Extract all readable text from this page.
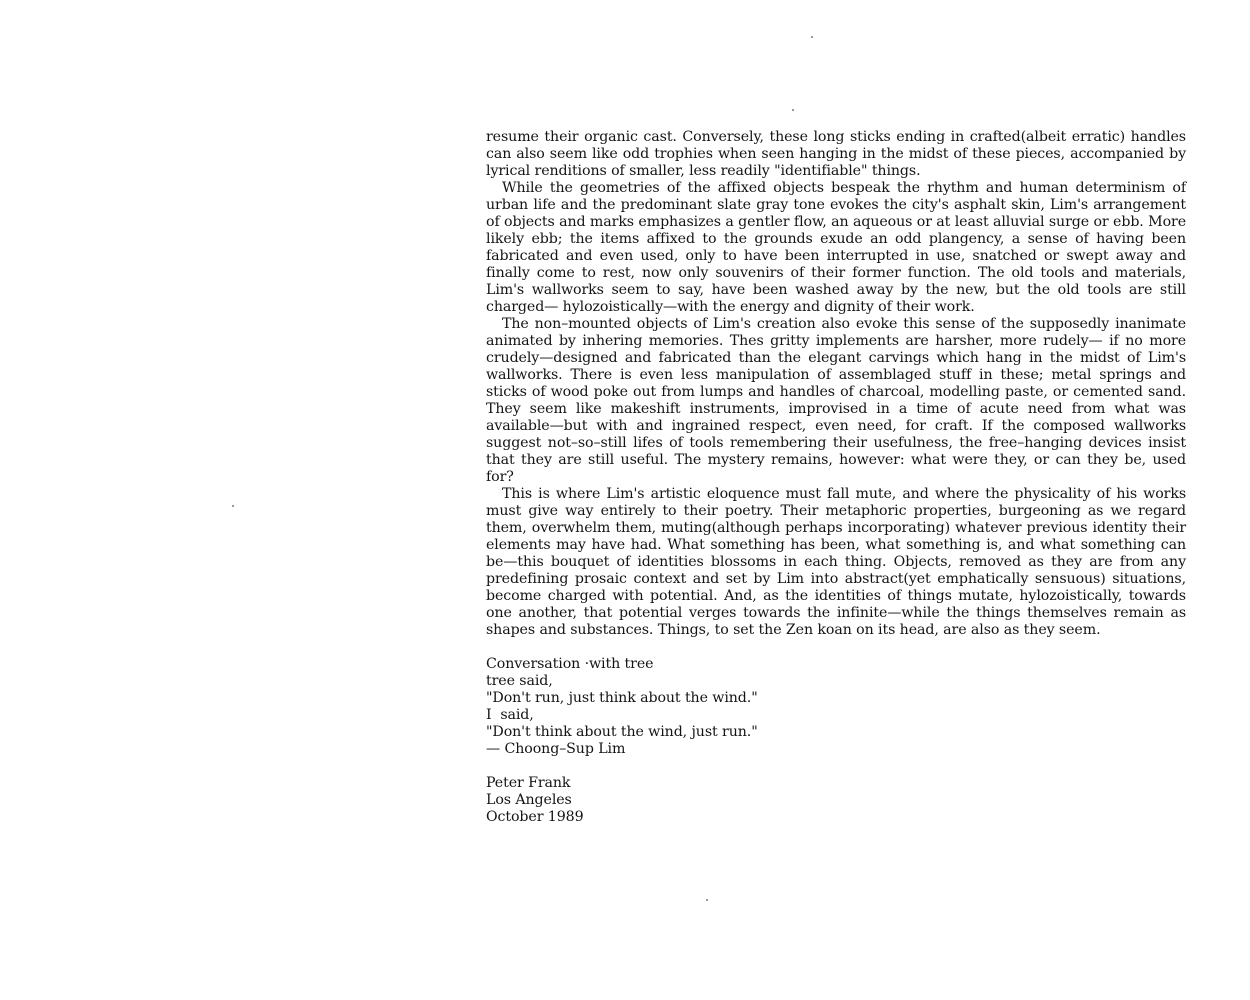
resume their organic cast. Conversely, these long sticks ending in crafted(albeit erratic) handles can also seem like odd trophies when seen hanging in the midst of these pieces, accompanied by lyrical renditions of smaller, less readily "identifiable" things.

While the geometries of the affixed objects bespeak the rhythm and human determinism of urban life and the predominant slate gray tone evokes the city's asphalt skin, Lim's arrangement of objects and marks emphasizes a gentler flow, an aqueous or at least alluvial surge or ebb. More likely ebb; the items affixed to the grounds exude an odd plangency, a sense of having been fabricated and even used, only to have been interrupted in use, snatched or swept away and finally come to rest, now only souvenirs of their former function. The old tools and materials, Lim's wallworks seem to say, have been washed away by the new, but the old tools are still charged— hylozoistically—with the energy and dignity of their work.

The non–mounted objects of Lim's creation also evoke this sense of the supposedly inanimate animated by inhering memories. Thes gritty implements are harsher, more rudely— if no more crudely—designed and fabricated than the elegant carvings which hang in the midst of Lim's wallworks. There is even less manipulation of assemblaged stuff in these; metal springs and sticks of wood poke out from lumps and handles of charcoal, modelling paste, or cemented sand. They seem like makeshift instruments, improvised in a time of acute need from what was available—but with and ingrained respect, even need, for craft. If the composed wallworks suggest not–so–still lifes of tools remembering their usefulness, the free–hanging devices insist that they are still useful. The mystery remains, however: what were they, or can they be, used for?

This is where Lim's artistic eloquence must fall mute, and where the physicality of his works must give way entirely to their poetry. Their metaphoric properties, burgeoning as we regard them, overwhelm them, muting(although perhaps incorporating) whatever previous identity their elements may have had. What something has been, what something is, and what something can be—this bouquet of identities blossoms in each thing. Objects, removed as they are from any predefining prosaic context and set by Lim into abstract(yet emphatically sensuous) situations, become charged with potential. And, as the identities of things mutate, hylozoistically, towards one another, that potential verges towards the infinite—while the things themselves remain as shapes and substances. Things, to set the Zen koan on its head, are also as they seem.

Conversation ·with tree
tree said,
"Don't run, just think about the wind."
I  said,
"Don't think about the wind, just run."
— Choong–Sup Lim
Peter Frank
Los Angeles
October 1989
